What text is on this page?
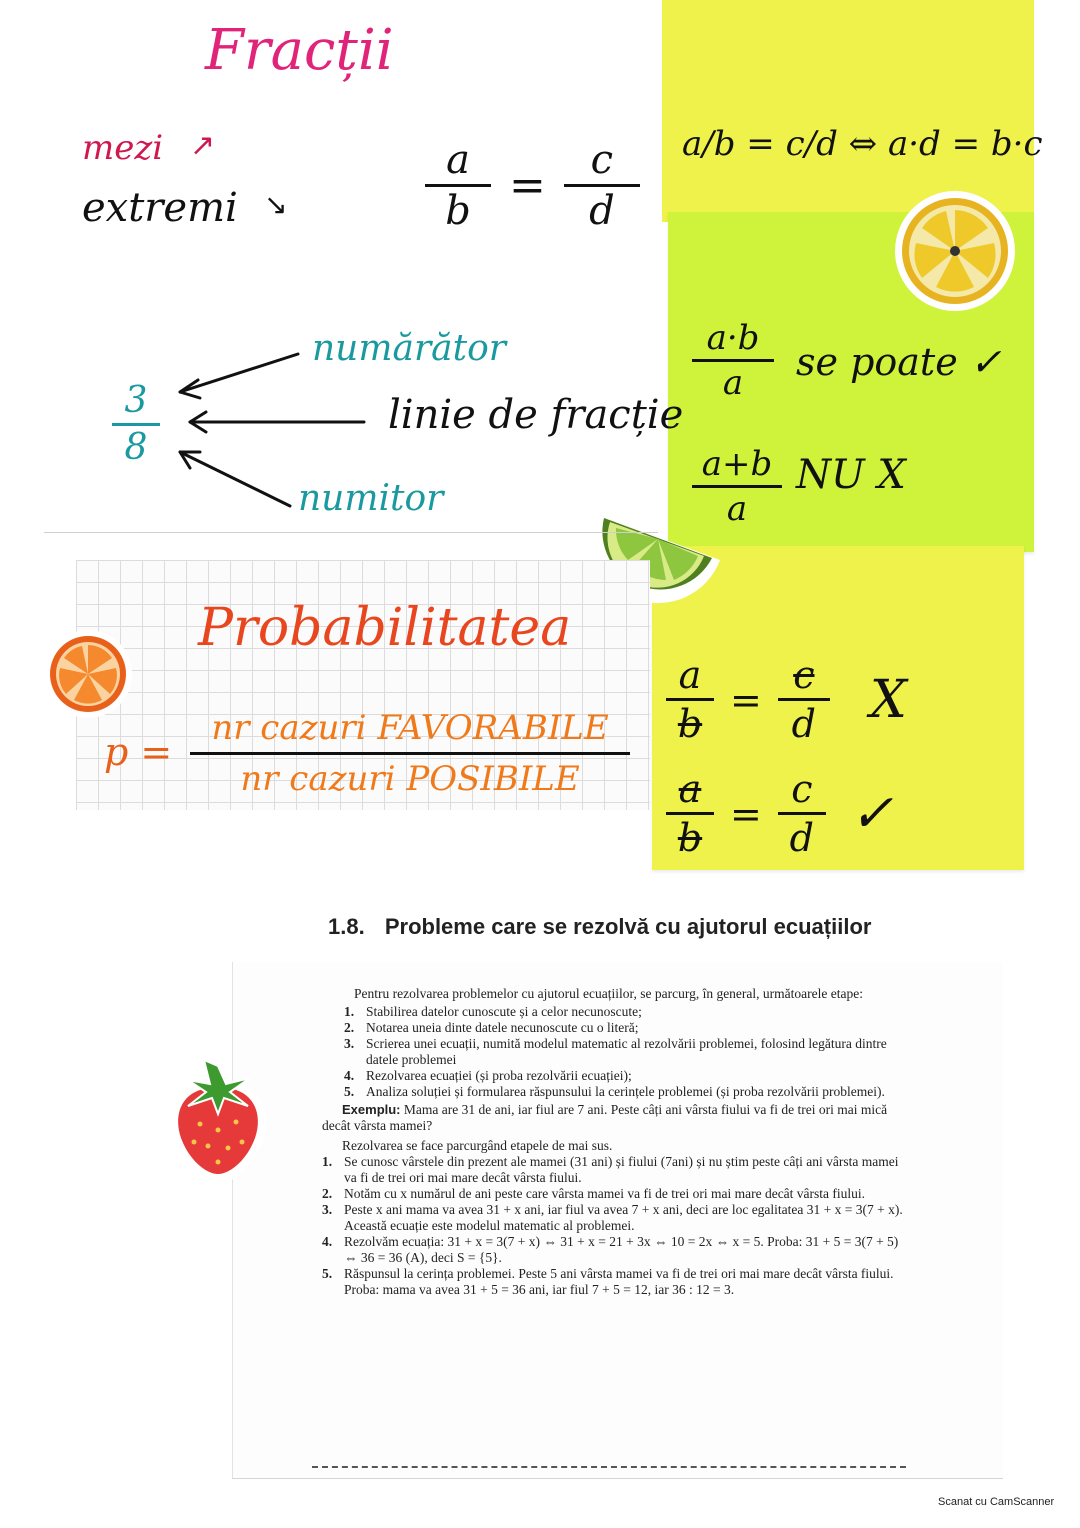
Fracții
mezi ↗
extremi ↘	$\frac{a}{b} = \frac{c}{d}$
$\frac{3}{8}$
numărător
linie de fracție
numitor
a/b = c/d ⇔ a·d = b·c
$\frac{a\cdot b}{a}$ se poate ✓
$\frac{a+b}{a}$ NU X
$\frac{a}{b} = \frac{c}{d}$ X
$\frac{a}{b} = \frac{c}{d}$ ✓
Probabilitatea
p =
nr cazuri FAVORABILE
nr cazuri POSIBILE
1.8. Probleme care se rezolvă cu ajutorul ecuațiilor
Pentru rezolvarea problemelor cu ajutorul ecuațiilor, se parcurg, în general, următoarele etape:
1. Stabilirea datelor cunoscute și a celor necunoscute;
2. Notarea uneia dinte datele necunoscute cu o literă;
3. Scrierea unei ecuații, numită modelul matematic al rezolvării problemei, folosind legătura dintre datele problemei
4. Rezolvarea ecuației (și proba rezolvării ecuației);
5. Analiza soluției și formularea răspunsului la cerințele problemei (și proba rezolvării problemei).
Exemplu: Mama are 31 de ani, iar fiul are 7 ani. Peste câți ani vârsta fiului va fi de trei ori mai mică decât vârsta mamei?
Rezolvarea se face parcurgând etapele de mai sus.
1. Se cunosc vârstele din prezent ale mamei (31 ani) și fiului (7ani) și nu știm peste câți ani vârsta mamei va fi de trei ori mai mare decât vârsta fiului.
2. Notăm cu x numărul de ani peste care vârsta mamei va fi de trei ori mai mare decât vârsta fiului.
3. Peste x ani mama va avea 31 + x ani, iar fiul va avea 7 + x ani, deci are loc egalitatea 31 + x = 3(7 + x). Această ecuație este modelul matematic al problemei.
4. Rezolvăm ecuația: 31 + x = 3(7 + x) ⇔ 31 + x = 21 + 3x ⇔ 10 = 2x ⇔ x = 5. Proba: 31 + 5 = 3(7 + 5) ⇔ 36 = 36 (A), deci S = {5}.
5. Răspunsul la cerința problemei. Peste 5 ani vârsta mamei va fi de trei ori mai mare decât vârsta fiului. Proba: mama va avea 31 + 5 = 36 ani, iar fiul 7 + 5 = 12, iar 36 : 12 = 3.
Scanat cu CamScanner
